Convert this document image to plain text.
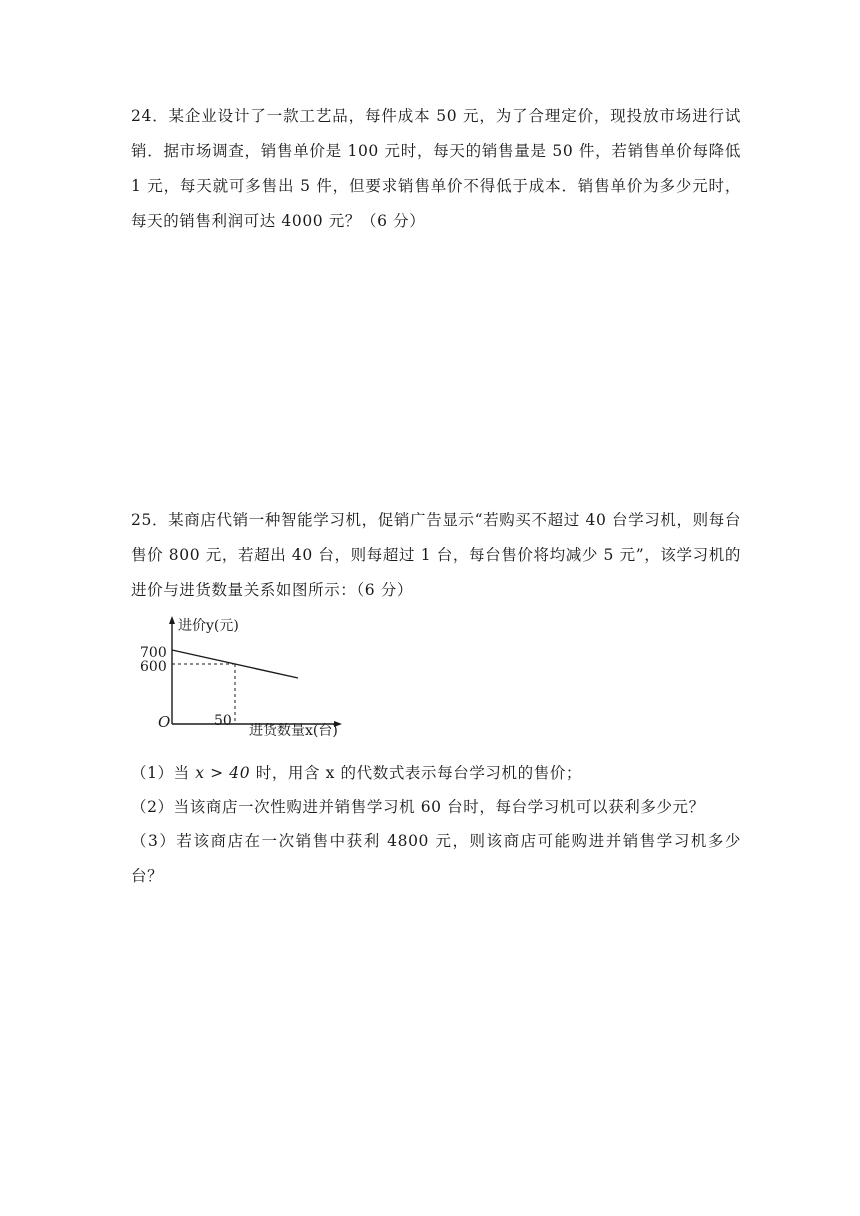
24．某企业设计了一款工艺品，每件成本 50 元，为了合理定价，现投放市场进行试销．据市场调查，销售单价是 100 元时，每天的销售量是 50 件，若销售单价每降低 1 元，每天就可多售出 5 件，但要求销售单价不得低于成本．销售单价为多少元时，每天的销售利润可达 4000 元？（6 分）

25．某商店代销一种智能学习机，促销广告显示“若购买不超过 40 台学习机，则每台售价 800 元，若超出 40 台，则每超过 1 台，每台售价将均减少 5 元”，该学习机的进价与进货数量关系如图所示：（6 分）

进价y(元)
进货数量x(台)
O
700
600
50

（1）当 x > 40 时，用含 x 的代数式表示每台学习机的售价；

（2）当该商店一次性购进并销售学习机 60 台时，每台学习机可以获利多少元？

（3）若该商店在一次销售中获利 4800 元，则该商店可能购进并销售学习机多少台？
